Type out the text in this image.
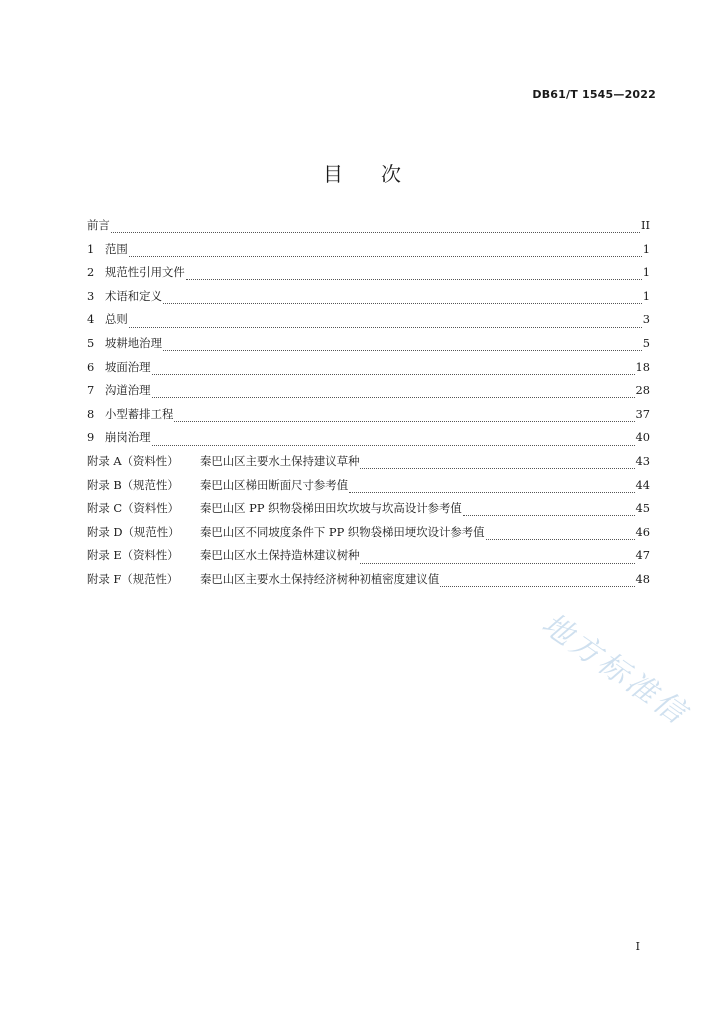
DB61/T 1545—2022
目 次
前言	II
1 范围	1
2 规范性引用文件	1
3 术语和定义	1
4 总则	3
5 坡耕地治理	5
6 坡面治理	18
7 沟道治理	28
8 小型蓄排工程	37
9 崩岗治理	40
附录 A（资料性）	秦巴山区主要水土保持建议草种	43
附录 B（规范性）	秦巴山区梯田断面尺寸参考值	44
附录 C（资料性）	秦巴山区 PP 织物袋梯田田坎坎坡与坎高设计参考值	45
附录 D（规范性）	秦巴山区不同坡度条件下 PP 织物袋梯田埂坎设计参考值	46
附录 E（资料性）	秦巴山区水土保持造林建议树种	47
附录 F（规范性）	秦巴山区主要水土保持经济树种初植密度建议值	48
I
地方标准信
